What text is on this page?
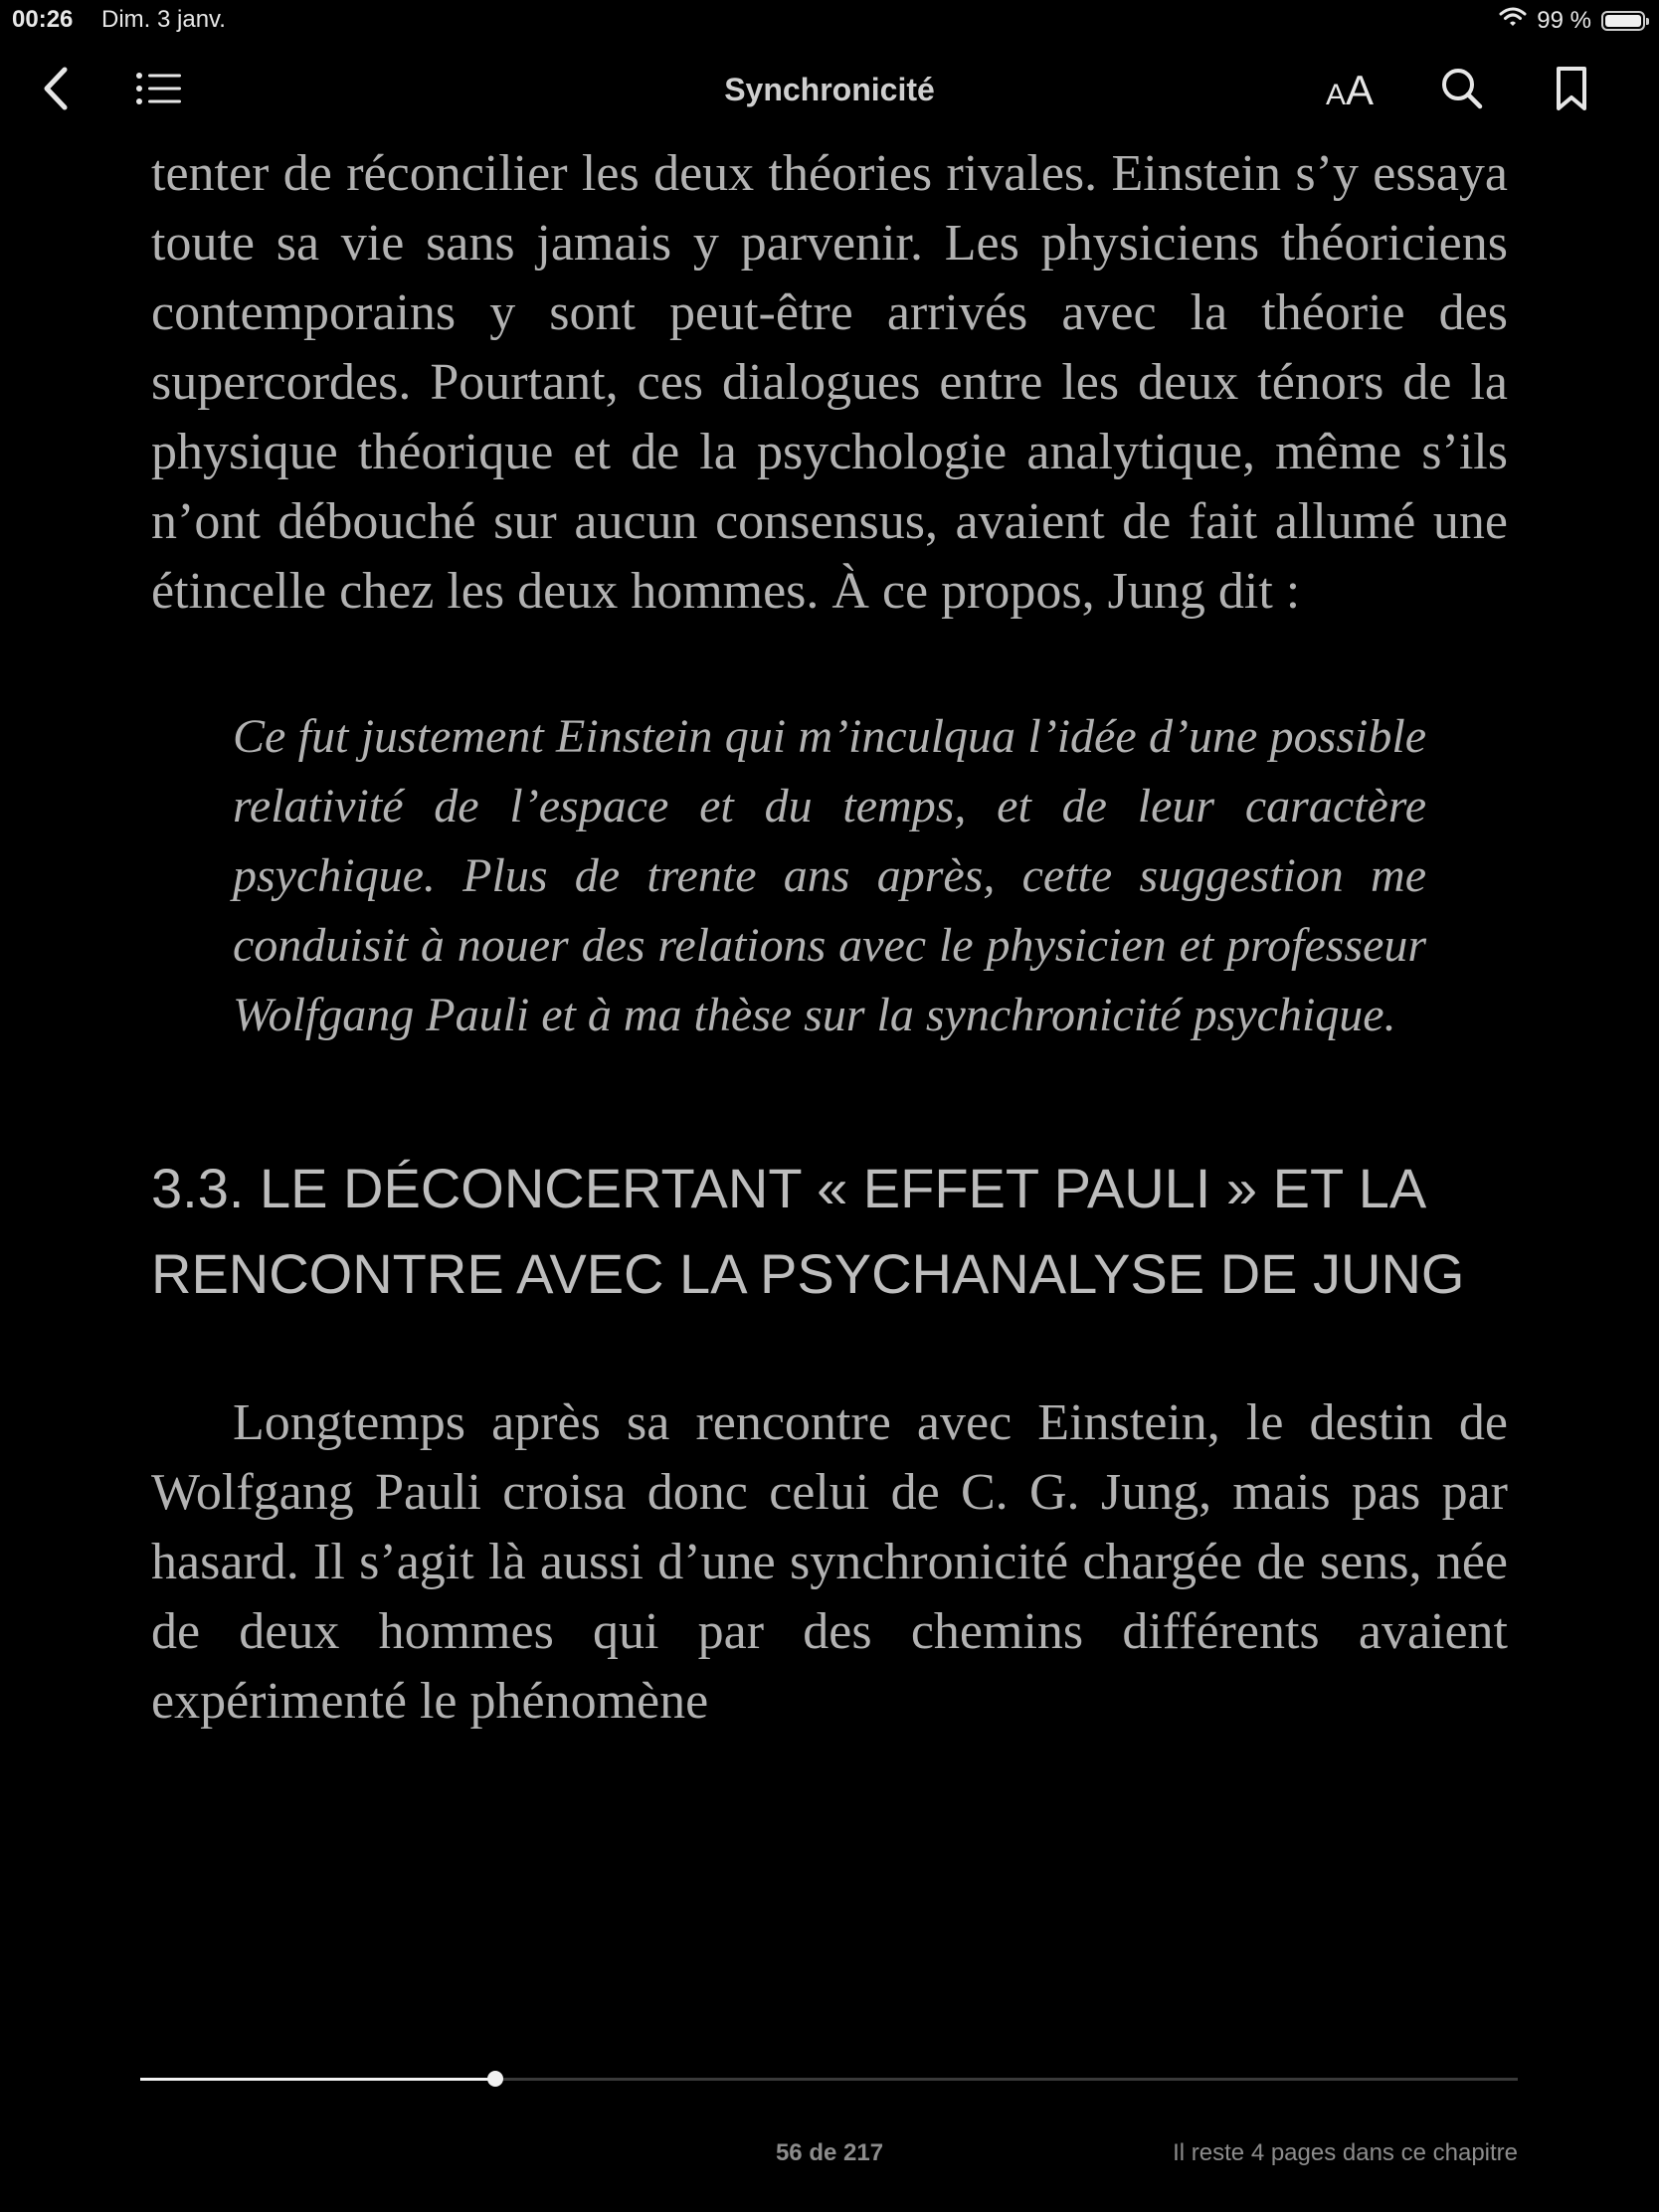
00:26 Dim. 3 janv.	99 %
Synchronicité	AA

tenter de réconcilier les deux théories rivales. Einstein s’y essaya toute sa vie sans jamais y parvenir. Les physiciens théoriciens contemporains y sont peut-être arrivés avec la théorie des supercordes. Pourtant, ces dialogues entre les deux ténors de la physique théorique et de la psychologie analytique, même s’ils n’ont débouché sur aucun consensus, avaient de fait allumé une étincelle chez les deux hommes. À ce propos, Jung dit :

Ce fut justement Einstein qui m’inculqua l’idée d’une possible relativité de l’espace et du temps, et de leur caractère psychique. Plus de trente ans après, cette suggestion me conduisit à nouer des relations avec le physicien et professeur Wolfgang Pauli et à ma thèse sur la synchronicité psychique.

3.3. LE DÉCONCERTANT « EFFET PAULI » ET LA RENCONTRE AVEC LA PSYCHANALYSE DE JUNG

Longtemps après sa rencontre avec Einstein, le destin de Wolfgang Pauli croisa donc celui de C. G. Jung, mais pas par hasard. Il s’agit là aussi d’une synchronicité chargée de sens, née de deux hommes qui par des chemins différents avaient expérimenté le phénomène

56 de 217	Il reste 4 pages dans ce chapitre
